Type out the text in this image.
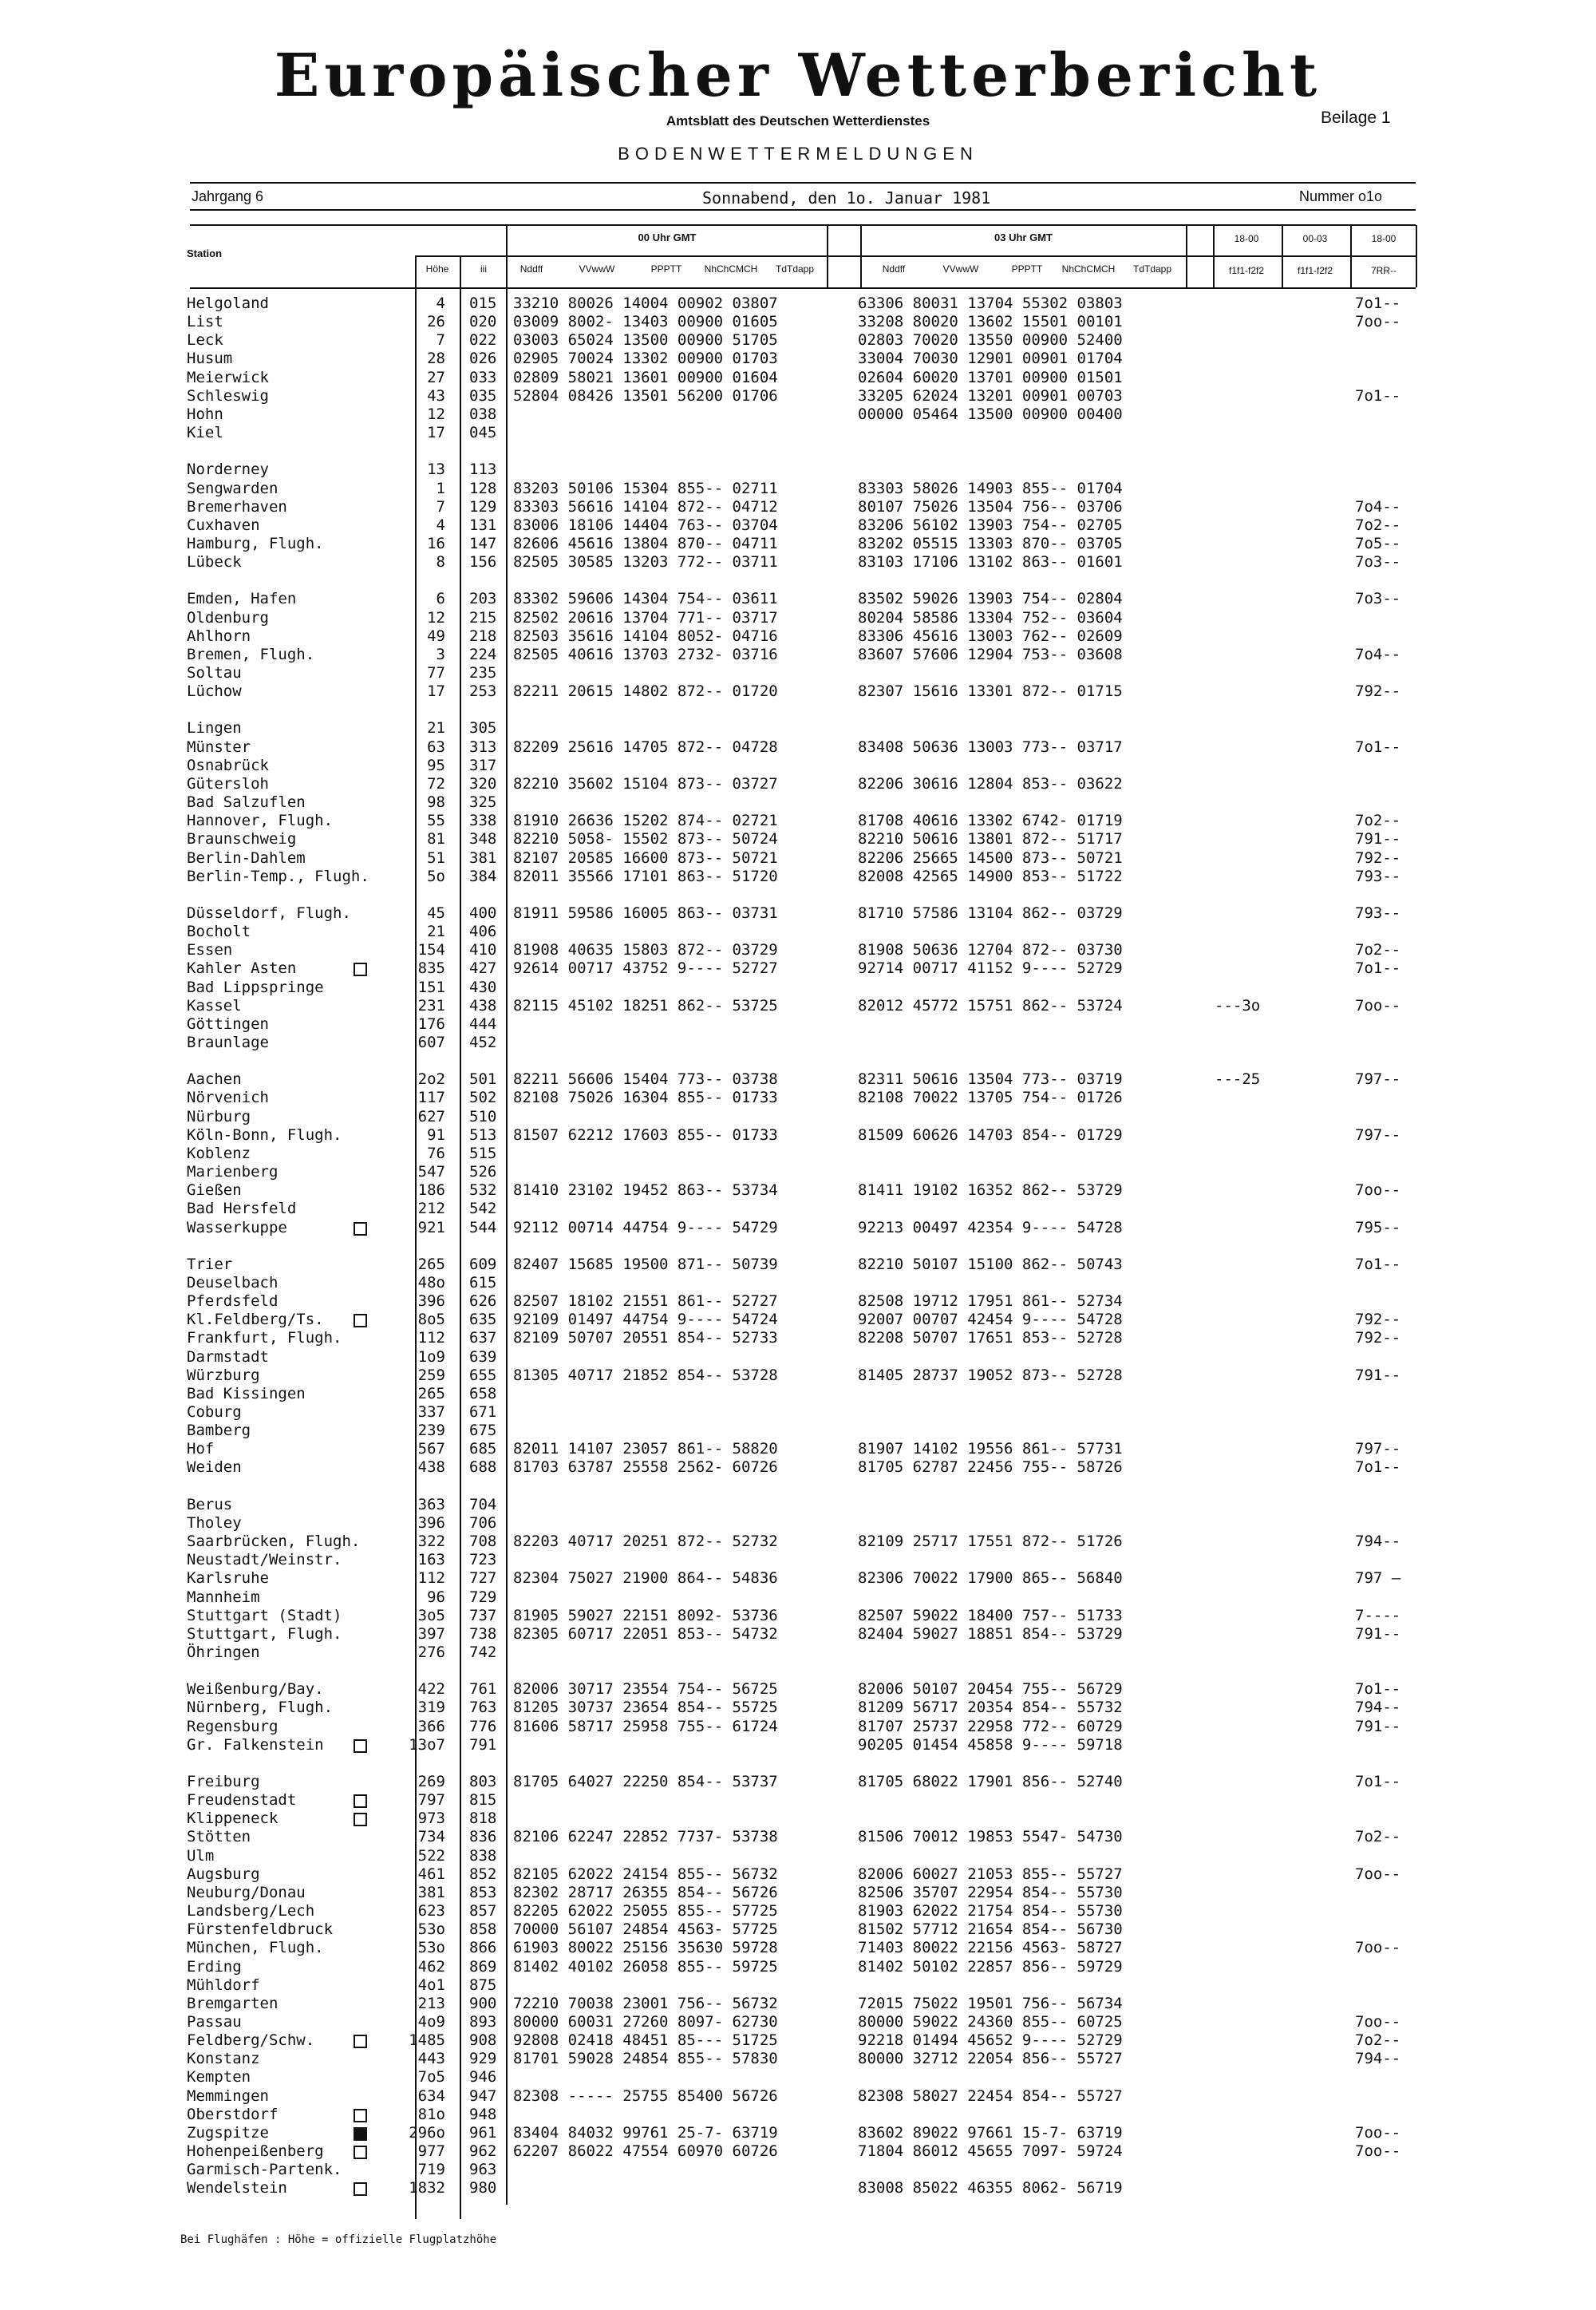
Europäischer Wetterbericht
Amtsblatt des Deutschen Wetterdienstes	Beilage 1
BODENWETTERMELDUNGEN
Jahrgang 6	Sonnabend, den 1o. Januar 1981	Nummer o1o
Station
Höhe	iii
00 Uhr GMT	03 Uhr GMT
Nddff	VVwwW	PPPTT	NhChCMCH	TdTdapp	Nddff	VVwwW	PPPTT	NhChCMCH	TdTdapp
18-00	00-03	18-00
f1f1-f2f2	f1f1-f2f2	7RR--
Helgoland	4 015 33210 80026 14004 00902 03807	63306 80031 13704 55302 03803	7o1--
List	26 020 03009 8002- 13403 00900 01605	33208 80020 13602 15501 00101	7oo--
Leck	7 022 03003 65024 13500 00900 51705	02803 70020 13550 00900 52400
Husum	28 026 02905 70024 13302 00900 01703	33004 70030 12901 00901 01704
Meierwick	27 033 02809 58021 13601 00900 01604	02604 60020 13701 00900 01501
Schleswig	43 035 52804 08426 13501 56200 01706	33205 62024 13201 00901 00703	7o1--
Hohn	12 038	00000 05464 13500 00900 00400
Kiel	17 045
Norderney	13 113
Sengwarden	1 128 83203 50106 15304 855-- 02711	83303 58026 14903 855-- 01704
Bremerhaven	7 129 83303 56616 14104 872-- 04712	80107 75026 13504 756-- 03706	7o4--
Cuxhaven	4 131 83006 18106 14404 763-- 03704	83206 56102 13903 754-- 02705	7o2--
Hamburg, Flugh.	16 147 82606 45616 13804 870-- 04711	83202 05515 13303 870-- 03705	7o5--
Lübeck	8 156 82505 30585 13203 772-- 03711	83103 17106 13102 863-- 01601	7o3--
Emden, Hafen	6 203 83302 59606 14304 754-- 03611	83502 59026 13903 754-- 02804	7o3--
Oldenburg	12 215 82502 20616 13704 771-- 03717	80204 58586 13304 752-- 03604
Ahlhorn	49 218 82503 35616 14104 8052- 04716	83306 45616 13003 762-- 02609
Bremen, Flugh.	3 224 82505 40616 13703 2732- 03716	83607 57606 12904 753-- 03608	7o4--
Soltau	77 235
Lüchow	17 253 82211 20615 14802 872-- 01720	82307 15616 13301 872-- 01715	792--
Lingen	21 305
Münster	63 313 82209 25616 14705 872-- 04728	83408 50636 13003 773-- 03717	7o1--
Osnabrück	95 317
Gütersloh	72 320 82210 35602 15104 873-- 03727	82206 30616 12804 853-- 03622
Bad Salzuflen	98 325
Hannover, Flugh.	55 338 81910 26636 15202 874-- 02721	81708 40616 13302 6742- 01719	7o2--
Braunschweig	81 348 82210 5058- 15502 873-- 50724	82210 50616 13801 872-- 51717	791--
Berlin-Dahlem	51 381 82107 20585 16600 873-- 50721	82206 25665 14500 873-- 50721	792--
Berlin-Temp., Flugh.	5o 384 82011 35566 17101 863-- 51720	82008 42565 14900 853-- 51722	793--
Düsseldorf, Flugh.	45 400 81911 59586 16005 863-- 03731	81710 57586 13104 862-- 03729	793--
Bocholt	21 406
Essen	154 410 81908 40635 15803 872-- 03729	81908 50636 12704 872-- 03730	7o2--
Kahler Asten	835 427 92614 00717 43752 9---- 52727	92714 00717 41152 9---- 52729	7o1--
Bad Lippspringe	151 430
Kassel	231 438 82115 45102 18251 862-- 53725	82012 45772 15751 862-- 53724	---3o	7oo--
Göttingen	176 444
Braunlage	607 452
Aachen	2o2 501 82211 56606 15404 773-- 03738	82311 50616 13504 773-- 03719	---25	797--
Nörvenich	117 502 82108 75026 16304 855-- 01733	82108 70022 13705 754-- 01726
Nürburg	627 510
Köln-Bonn, Flugh.	91 513 81507 62212 17603 855-- 01733	81509 60626 14703 854-- 01729	797--
Koblenz	76 515
Marienberg	547 526
Gießen	186 532 81410 23102 19452 863-- 53734	81411 19102 16352 862-- 53729	7oo--
Bad Hersfeld	212 542
Wasserkuppe	921 544 92112 00714 44754 9---- 54729	92213 00497 42354 9---- 54728	795--
Trier	265 609 82407 15685 19500 871-- 50739	82210 50107 15100 862-- 50743	7o1--
Deuselbach	48o 615
Pferdsfeld	396 626 82507 18102 21551 861-- 52727	82508 19712 17951 861-- 52734
Kl.Feldberg/Ts.	8o5 635 92109 01497 44754 9---- 54724	92007 00707 42454 9---- 54728	792--
Frankfurt, Flugh.	112 637 82109 50707 20551 854-- 52733	82208 50707 17651 853-- 52728	792--
Darmstadt	1o9 639
Würzburg	259 655 81305 40717 21852 854-- 53728	81405 28737 19052 873-- 52728	791--
Bad Kissingen	265 658
Coburg	337 671
Bamberg	239 675
Hof	567 685 82011 14107 23057 861-- 58820	81907 14102 19556 861-- 57731	797--
Weiden	438 688 81703 63787 25558 2562- 60726	81705 62787 22456 755-- 58726	7o1--
Berus	363 704
Tholey	396 706
Saarbrücken, Flugh.	322 708 82203 40717 20251 872-- 52732	82109 25717 17551 872-- 51726	794--
Neustadt/Weinstr.	163 723
Karlsruhe	112 727 82304 75027 21900 864-- 54836	82306 70022 17900 865-- 56840	797 —
Mannheim	96 729
Stuttgart (Stadt)	3o5 737 81905 59027 22151 8092- 53736	82507 59022 18400 757-- 51733	7----
Stuttgart, Flugh.	397 738 82305 60717 22051 853-- 54732	82404 59027 18851 854-- 53729	791--
Öhringen	276 742
Weißenburg/Bay.	422 761 82006 30717 23554 754-- 56725	82006 50107 20454 755-- 56729	7o1--
Nürnberg, Flugh.	319 763 81205 30737 23654 854-- 55725	81209 56717 20354 854-- 55732	794--
Regensburg	366 776 81606 58717 25958 755-- 61724	81707 25737 22958 772-- 60729	791--
Gr. Falkenstein	13o7 791	90205 01454 45858 9---- 59718
Freiburg	269 803 81705 64027 22250 854-- 53737	81705 68022 17901 856-- 52740	7o1--
Freudenstadt	797 815
Klippeneck	973 818
Stötten	734 836 82106 62247 22852 7737- 53738	81506 70012 19853 5547- 54730	7o2--
Ulm	522 838
Augsburg	461 852 82105 62022 24154 855-- 56732	82006 60027 21053 855-- 55727	7oo--
Neuburg/Donau	381 853 82302 28717 26355 854-- 56726	82506 35707 22954 854-- 55730
Landsberg/Lech	623 857 82205 62022 25055 855-- 57725	81903 62022 21754 854-- 55730
Fürstenfeldbruck	53o 858 70000 56107 24854 4563- 57725	81502 57712 21654 854-- 56730
München, Flugh.	53o 866 61903 80022 25156 35630 59728	71403 80022 22156 4563- 58727	7oo--
Erding	462 869 81402 40102 26058 855-- 59725	81402 50102 22857 856-- 59729
Mühldorf	4o1 875
Bremgarten	213 900 72210 70038 23001 756-- 56732	72015 75022 19501 756-- 56734
Passau	4o9 893 80000 60031 27260 8097- 62730	80000 59022 24360 855-- 60725	7oo--
Feldberg/Schw.	1485 908 92808 02418 48451 85--- 51725	92218 01494 45652 9---- 52729	7o2--
Konstanz	443 929 81701 59028 24854 855-- 57830	80000 32712 22054 856-- 55727	794--
Kempten	7o5 946
Memmingen	634 947 82308 ----- 25755 85400 56726	82308 58027 22454 854-- 55727
Oberstdorf	81o 948
Zugspitze	296o 961 83404 84032 99761 25-7- 63719	83602 89022 97661 15-7- 63719	7oo--
Hohenpeißenberg	977 962 62207 86022 47554 60970 60726	71804 86012 45655 7097- 59724	7oo--
Garmisch-Partenk.	719 963
Wendelstein	1832 980	83008 85022 46355 8062- 56719
Bei Flughäfen : Höhe = offizielle Flugplatzhöhe
